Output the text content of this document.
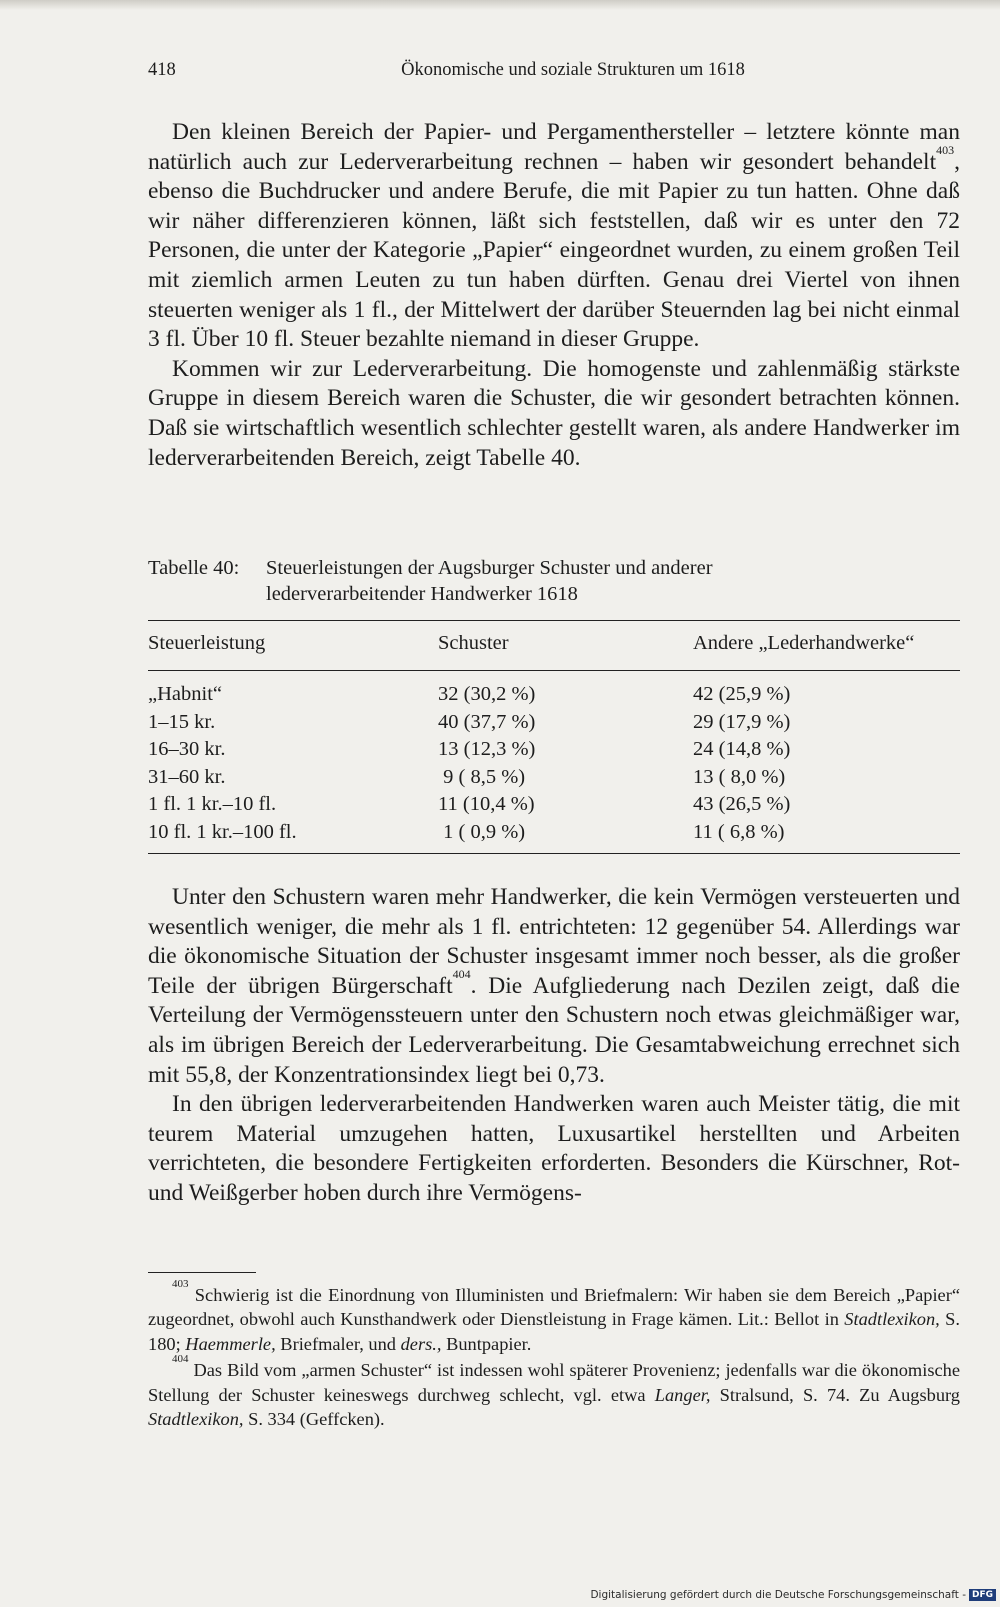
418	Ökonomische und soziale Strukturen um 1618

Den kleinen Bereich der Papier- und Pergamenthersteller – letztere könnte man natürlich auch zur Lederverarbeitung rechnen – haben wir gesondert behandelt$^{403}$, ebenso die Buchdrucker und andere Berufe, die mit Papier zu tun hatten. Ohne daß wir näher differenzieren können, läßt sich feststellen, daß wir es unter den 72 Personen, die unter der Kategorie „Papier“ eingeordnet wurden, zu einem großen Teil mit ziemlich armen Leuten zu tun haben dürften. Genau drei Viertel von ihnen steuerten weniger als 1 fl., der Mittelwert der darüber Steuernden lag bei nicht einmal 3 fl. Über 10 fl. Steuer bezahlte niemand in dieser Gruppe.

Kommen wir zur Lederverarbeitung. Die homogenste und zahlenmäßig stärkste Gruppe in diesem Bereich waren die Schuster, die wir gesondert betrachten können. Daß sie wirtschaftlich wesentlich schlechter gestellt waren, als andere Handwerker im lederverarbeitenden Bereich, zeigt Tabelle 40.

Tabelle 40: Steuerleistungen der Augsburger Schuster und anderer
lederverarbeitender Handwerker 1618
Steuerleistung	Schuster	Andere „Lederhandwerke“
„Habnit“	32 (30,2 %)	42 (25,9 %)
1–15 kr.	40 (37,7 %)	29 (17,9 %)
16–30 kr.	13 (12,3 %)	24 (14,8 %)
31–60 kr.	9 ( 8,5 %)	13 ( 8,0 %)
1 fl. 1 kr.–10 fl.	11 (10,4 %)	43 (26,5 %)
10 fl. 1 kr.–100 fl.	1 ( 0,9 %)	11 ( 6,8 %)

Unter den Schustern waren mehr Handwerker, die kein Vermögen versteuerten und wesentlich weniger, die mehr als 1 fl. entrichteten: 12 gegenüber 54. Allerdings war die ökonomische Situation der Schuster insgesamt immer noch besser, als die großer Teile der übrigen Bürgerschaft$^{404}$. Die Aufgliederung nach Dezilen zeigt, daß die Verteilung der Vermögenssteuern unter den Schustern noch etwas gleichmäßiger war, als im übrigen Bereich der Lederverarbeitung. Die Gesamtabweichung errechnet sich mit 55,8, der Konzentrationsindex liegt bei 0,73.

In den übrigen lederverarbeitenden Handwerken waren auch Meister tätig, die mit teurem Material umzugehen hatten, Luxusartikel herstellten und Arbeiten verrichteten, die besondere Fertigkeiten erforderten. Besonders die Kürschner, Rot- und Weißgerber hoben durch ihre Vermögens-

$^{403}$ Schwierig ist die Einordnung von Illuministen und Briefmalern: Wir haben sie dem Bereich „Papier“ zugeordnet, obwohl auch Kunsthandwerk oder Dienstleistung in Frage kämen. Lit.: Bellot in Stadtlexikon, S. 180; Haemmerle, Briefmaler, und ders., Buntpapier.

$^{404}$ Das Bild vom „armen Schuster“ ist indessen wohl späterer Provenienz; jedenfalls war die ökonomische Stellung der Schuster keineswegs durchweg schlecht, vgl. etwa Langer, Stralsund, S. 74. Zu Augsburg Stadtlexikon, S. 334 (Geffcken).

Digitalisierung gefördert durch die Deutsche Forschungsgemeinschaft - DFG
